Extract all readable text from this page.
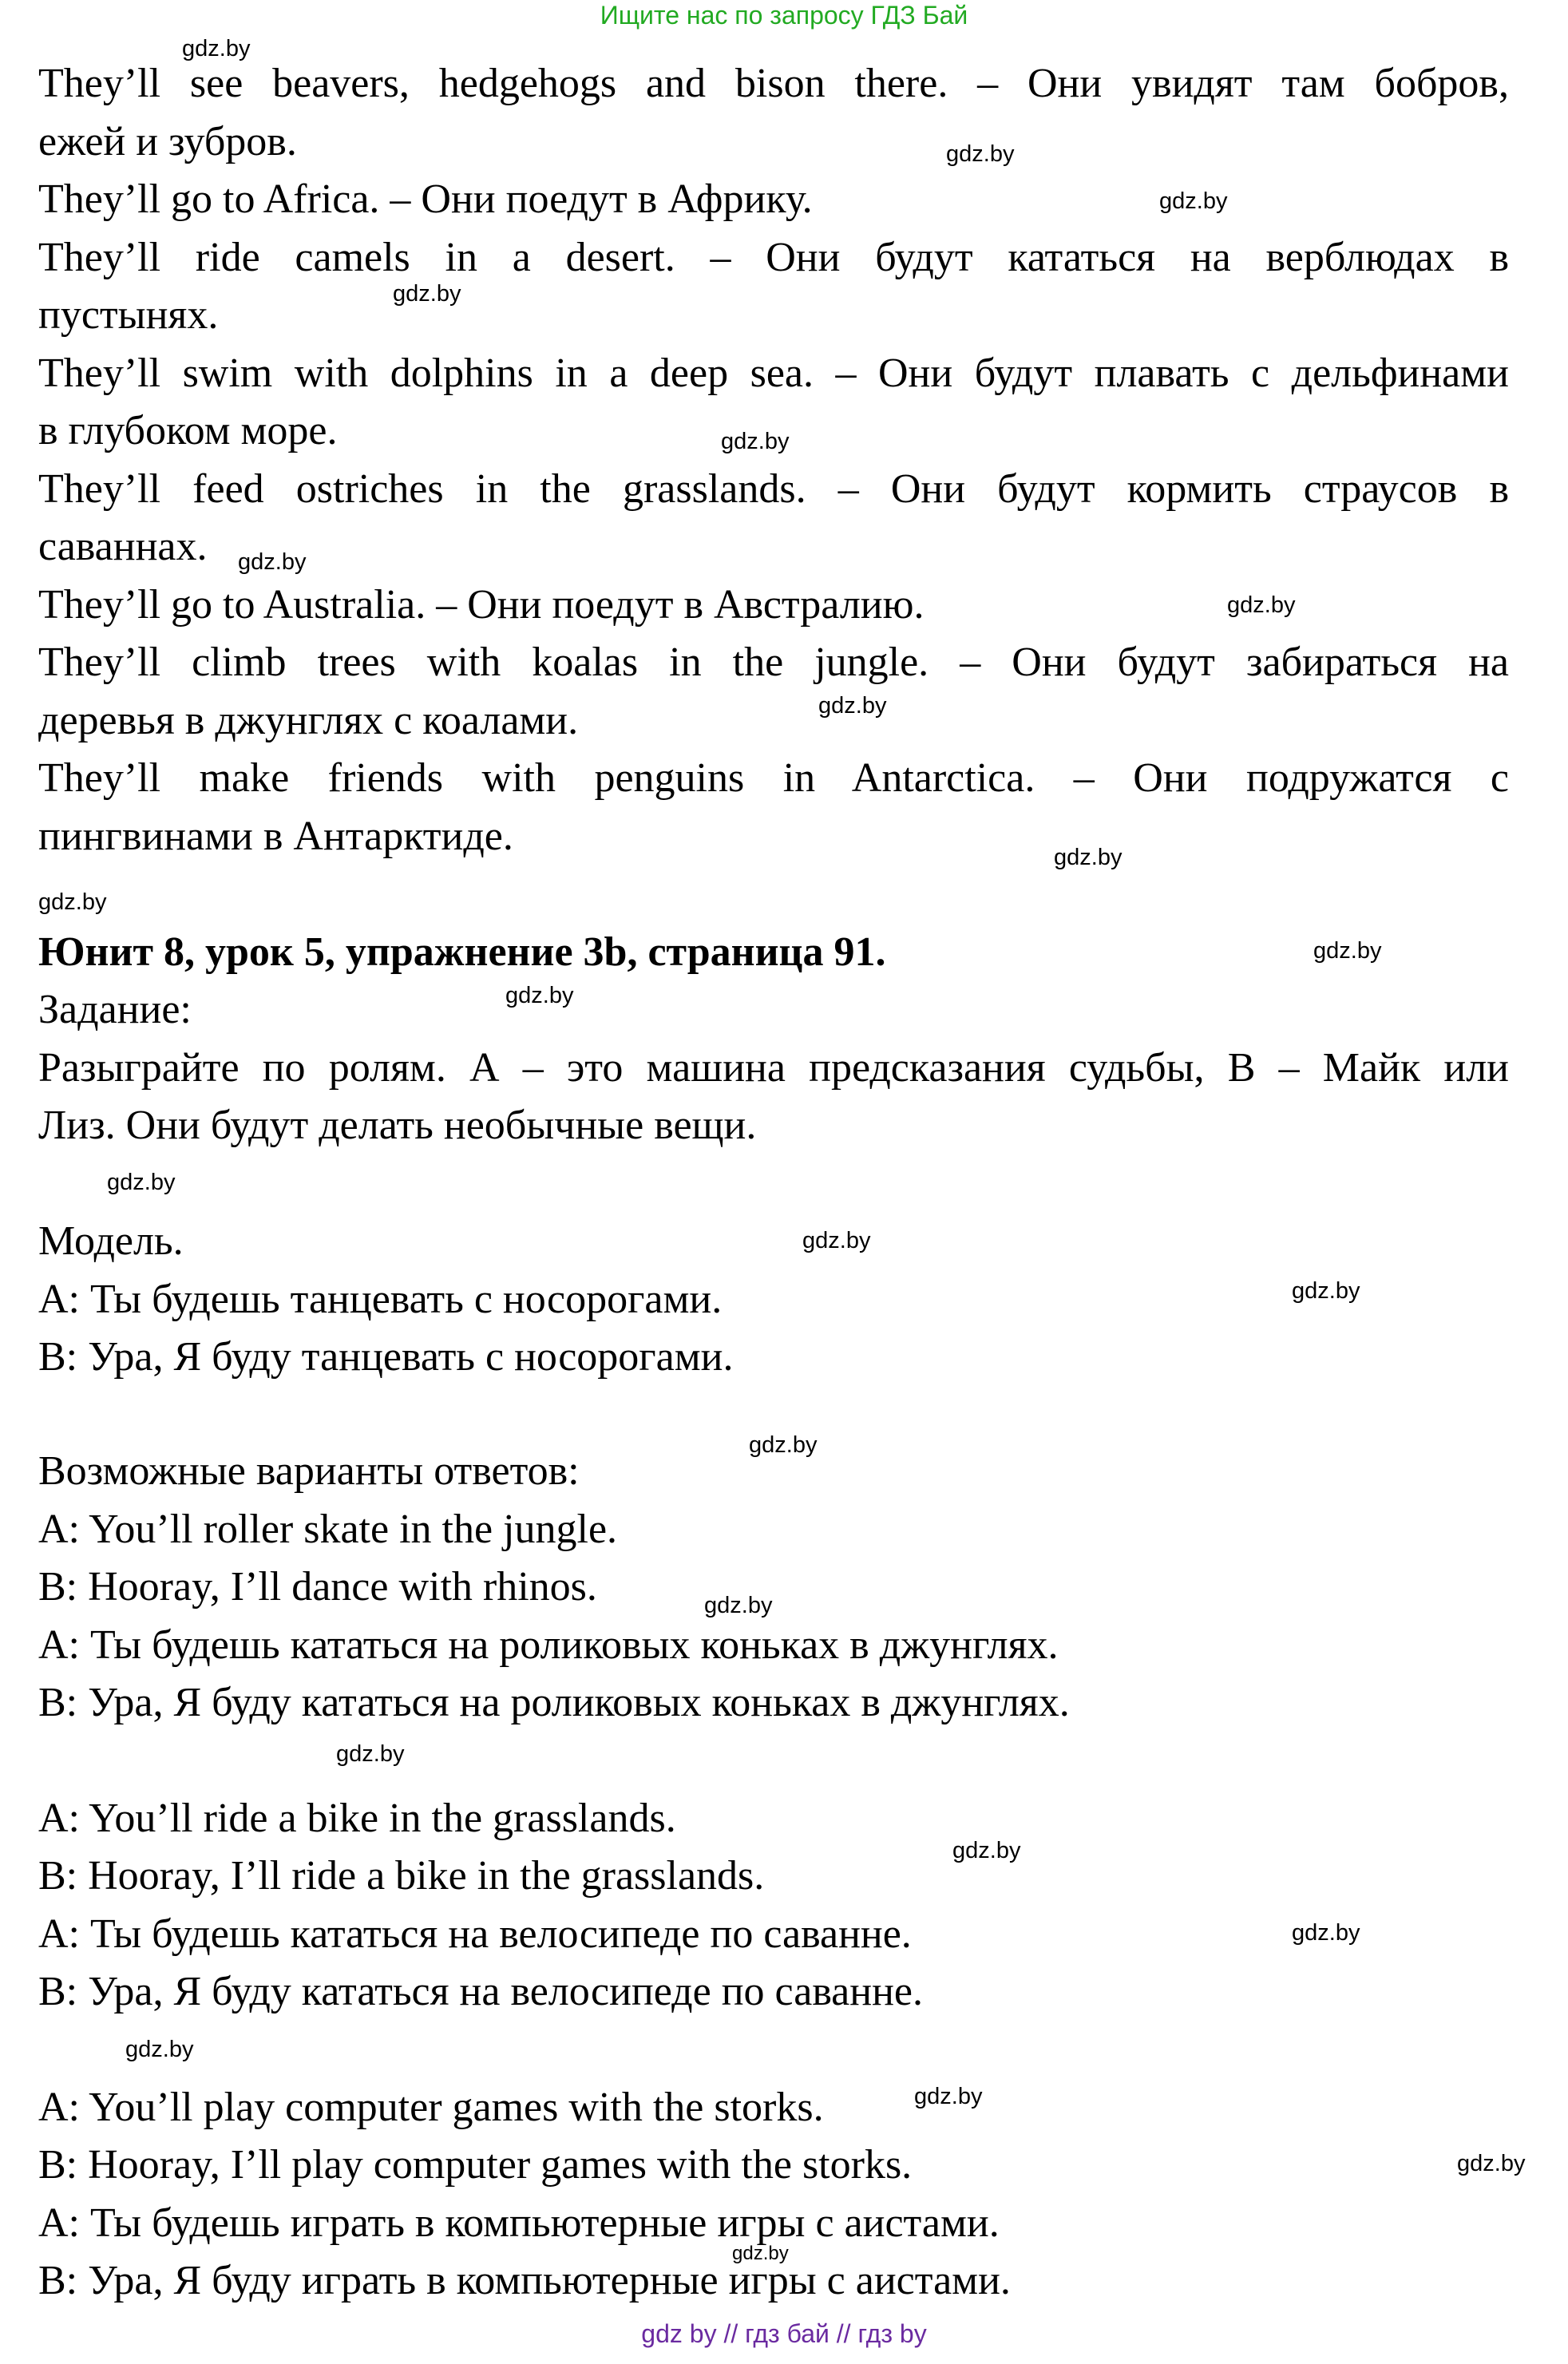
Ищите нас по запросу ГДЗ Бай
They’ll see beavers, hedgehogs and bison there. – Они увидят там бобров,
ежей и зубров.
They’ll go to Africa. – Они поедут в Африку.
They’ll ride camels in a desert. – Они будут кататься на верблюдах в
пустынях.
They’ll swim with dolphins in a deep sea. – Они будут плавать с дельфинами
в глубоком море.
They’ll feed ostriches in the grasslands. – Они будут кормить страусов в
саваннах.
They’ll go to Australia. – Они поедут в Австралию.
They’ll climb trees with koalas in the jungle. – Они будут забираться на
деревья в джунглях с коалами.
They’ll make friends with penguins in Antarctica. – Они подружатся с
пингвинами в Антарктиде.
Юнит 8, урок 5, упражнение 3b, страница 91.
Задание:
Разыграйте по ролям. А – это машина предсказания судьбы, В – Майк или
Лиз. Они будут делать необычные вещи.
Модель.
А: Ты будешь танцевать с носорогами.
В: Ура, Я буду танцевать с носорогами.
Возможные варианты ответов:
A: You’ll roller skate in the jungle.
B: Hooray, I’ll dance with rhinos.
А: Ты будешь кататься на роликовых коньках в джунглях.
В: Ура, Я буду кататься на роликовых коньках в джунглях.
A: You’ll ride a bike in the grasslands.
B: Hooray, I’ll ride a bike in the grasslands.
А: Ты будешь кататься на велосипеде по саванне.
В: Ура, Я буду кататься на велосипеде по саванне.
A: You’ll play computer games with the storks.
B: Hooray, I’ll play computer games with the storks.
А: Ты будешь играть в компьютерные игры с аистами.
В: Ура, Я буду играть в компьютерные игры с аистами.
gdz.by
gdz.by
gdz.by
gdz.by
gdz.by
gdz.by
gdz.by
gdz.by
gdz.by
gdz.by
gdz.by
gdz.by
gdz.by
gdz.by
gdz.by
gdz.by
gdz.by
gdz.by
gdz.by
gdz.by
gdz.by
gdz.by
gdz.by
gdz.by
gdz by // гдз бай // гдз by
